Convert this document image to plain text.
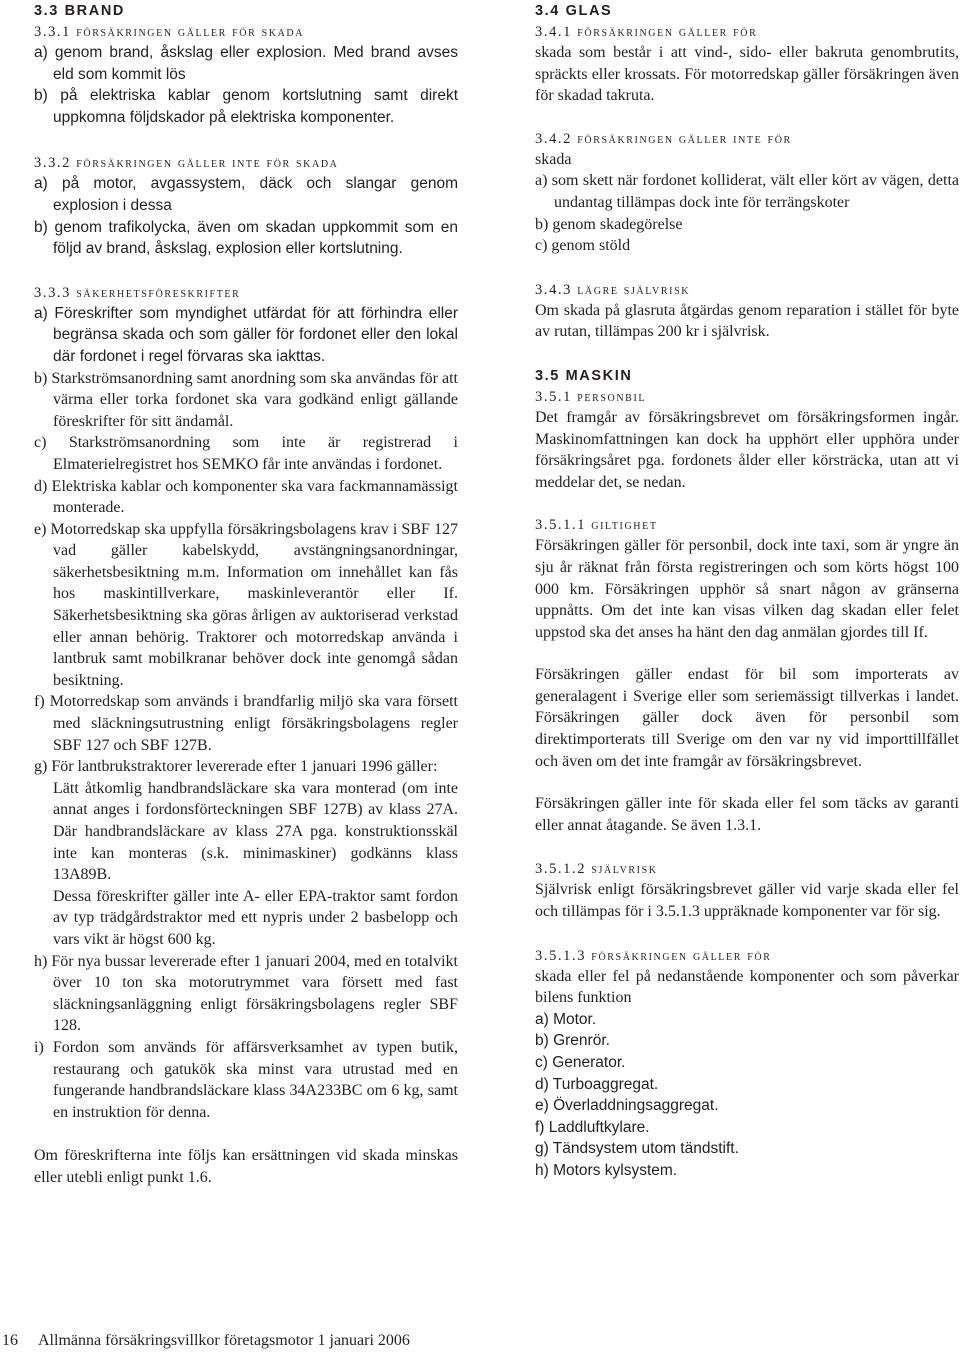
3.3 BRAND
3.3.1 försäkringen gäller för skada

a) genom brand, åskslag eller explosion. Med brand avses eld som kommit lös

b) på elektriska kablar genom kortslutning samt direkt uppkomna följdskador på elektriska komponenter.

3.3.2 försäkringen gäller inte för skada

a) på motor, avgassystem, däck och slangar genom explosion i dessa

b) genom trafikolycka, även om skadan uppkommit som en följd av brand, åskslag, explosion eller kortslutning.

3.3.3 säkerhetsföreskrifter

a) Föreskrifter som myndighet utfärdat för att förhindra eller begränsa skada och som gäller för fordonet eller den lokal där fordonet i regel förvaras ska iakttas.

b) Starkströmsanordning samt anordning som ska användas för att värma eller torka fordonet ska vara godkänd enligt gällande föreskrifter för sitt ändamål.

c) Starkströmsanordning som inte är registrerad i Elmaterielregistret hos SEMKO får inte användas i fordonet.

d) Elektriska kablar och komponenter ska vara fackmannamässigt monterade.

e) Motorredskap ska uppfylla försäkringsbolagens krav i SBF 127 vad gäller kabelskydd, avstängningsanordningar, säkerhetsbesiktning m.m. Information om innehållet kan fås hos maskintillverkare, maskinleverantör eller If. Säkerhetsbesiktning ska göras årligen av auktoriserad verkstad eller annan behörig. Traktorer och motorredskap använda i lantbruk samt mobilkranar behöver dock inte genomgå sådan besiktning.

f) Motorredskap som används i brandfarlig miljö ska vara försett med släckningsutrustning enligt försäkringsbolagens regler SBF 127 och SBF 127B.

g) För lantbrukstraktorer levererade efter 1 januari 1996 gäller:

Lätt åtkomlig handbrandsläckare ska vara monterad (om inte annat anges i fordonsförteckningen SBF 127B) av klass 27A. Där handbrandsläckare av klass 27A pga. konstruktionsskäl inte kan monteras (s.k. minimaskiner) godkänns klass 13A89B.

Dessa föreskrifter gäller inte A- eller EPA-traktor samt fordon av typ trädgårdstraktor med ett nypris under 2 basbelopp och vars vikt är högst 600 kg.

h) För nya bussar levererade efter 1 januari 2004, med en totalvikt över 10 ton ska motorutrymmet vara försett med fast släckningsanläggning enligt försäkringsbolagens regler SBF 128.

i) Fordon som används för affärsverksamhet av typen butik, restaurang och gatukök ska minst vara utrustad med en fungerande handbrandsläckare klass 34A233BC om 6 kg, samt en instruktion för denna.

Om föreskrifterna inte följs kan ersättningen vid skada minskas eller utebli enligt punkt 1.6.

3.4 GLAS
3.4.1 försäkringen gäller för

skada som består i att vind-, sido- eller bakruta genombrutits, spräckts eller krossats. För motorredskap gäller försäkringen även för skadad takruta.

3.4.2 försäkringen gäller inte för

skada

a) som skett när fordonet kolliderat, vält eller kört av vägen, detta undantag tillämpas dock inte för terrängskoter

b) genom skadegörelse

c) genom stöld

3.4.3 lägre självrisk

Om skada på glasruta åtgärdas genom reparation i stället för byte av rutan, tillämpas 200 kr i självrisk.

3.5 MASKIN
3.5.1 personbil

Det framgår av försäkringsbrevet om försäkringsformen ingår. Maskinomfattningen kan dock ha upphört eller upphöra under försäkringsåret pga. fordonets ålder eller körsträcka, utan att vi meddelar det, se nedan.

3.5.1.1 giltighet

Försäkringen gäller för personbil, dock inte taxi, som är yngre än sju år räknat från första registreringen och som körts högst 100 000 km. Försäkringen upphör så snart någon av gränserna uppnåtts. Om det inte kan visas vilken dag skadan eller felet uppstod ska det anses ha hänt den dag anmälan gjordes till If.

Försäkringen gäller endast för bil som importerats av generalagent i Sverige eller som seriemässigt tillverkas i landet. Försäkringen gäller dock även för personbil som direktimporterats till Sverige om den var ny vid importtillfället och även om det inte framgår av försäkringsbrevet.

Försäkringen gäller inte för skada eller fel som täcks av garanti eller annat åtagande. Se även 1.3.1.

3.5.1.2 självrisk

Självrisk enligt försäkringsbrevet gäller vid varje skada eller fel och tillämpas för i 3.5.1.3 uppräknade komponenter var för sig.

3.5.1.3 försäkringen gäller för

skada eller fel på nedanstående komponenter och som påverkar bilens funktion

a) Motor.

b) Grenrör.

c) Generator.

d) Turboaggregat.

e) Överladdningsaggregat.

f) Laddluftkylare.

g) Tändsystem utom tändstift.

h) Motors kylsystem.

16 Allmänna försäkringsvillkor företagsmotor 1 januari 2006
